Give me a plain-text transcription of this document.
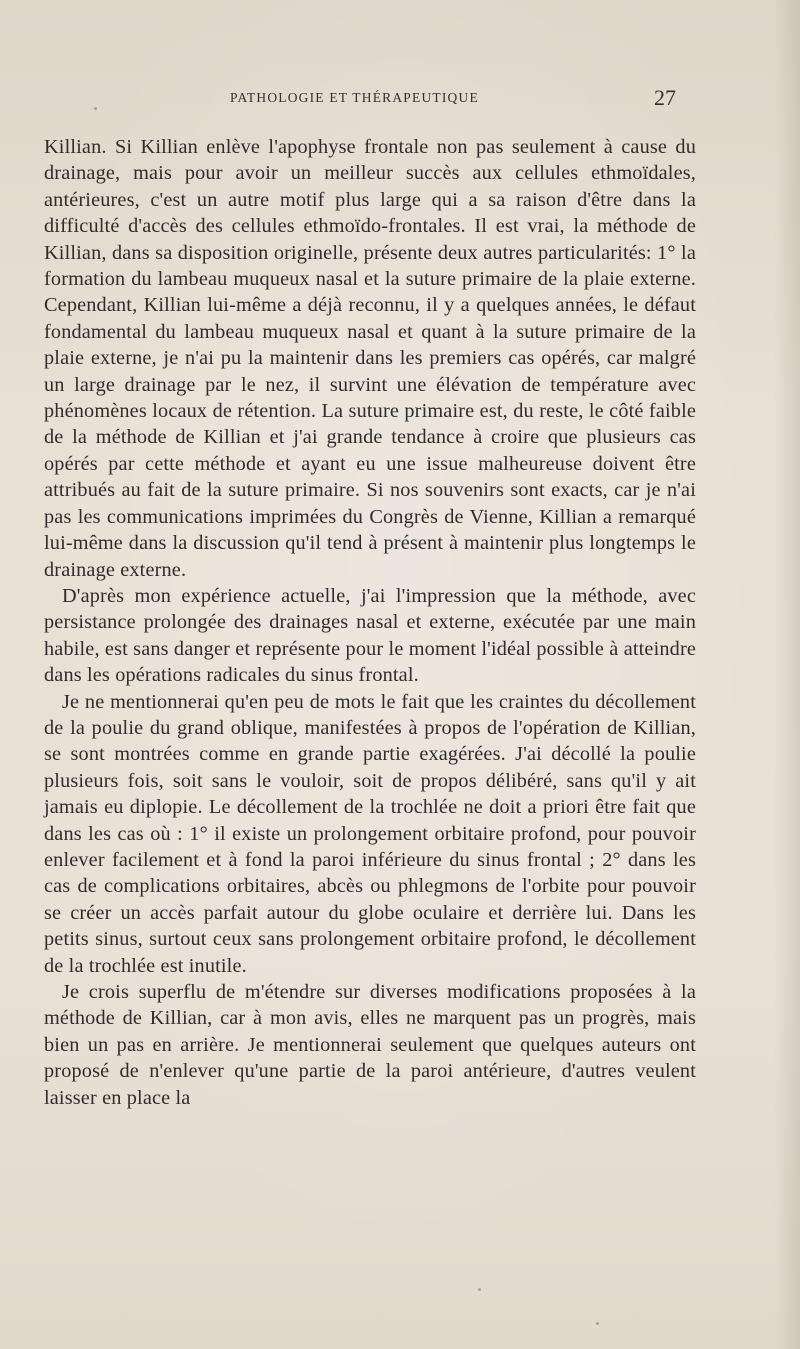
PATHOLOGIE ET THÉRAPEUTIQUE	27

Killian. Si Killian enlève l'apophyse frontale non pas seulement à cause du drainage, mais pour avoir un meilleur succès aux cellules ethmoïdales, antérieures, c'est un autre motif plus large qui a sa raison d'être dans la difficulté d'accès des cellules ethmoïdo-frontales. Il est vrai, la méthode de Killian, dans sa disposition originelle, présente deux autres particularités: 1° la formation du lambeau muqueux nasal et la suture primaire de la plaie externe. Cependant, Killian lui-même a déjà reconnu, il y a quelques années, le défaut fondamental du lambeau muqueux nasal et quant à la suture primaire de la plaie externe, je n'ai pu la maintenir dans les premiers cas opérés, car malgré un large drainage par le nez, il survint une élévation de température avec phénomènes locaux de rétention. La suture primaire est, du reste, le côté faible de la méthode de Killian et j'ai grande tendance à croire que plusieurs cas opérés par cette méthode et ayant eu une issue malheureuse doivent être attribués au fait de la suture primaire. Si nos souvenirs sont exacts, car je n'ai pas les communications imprimées du Congrès de Vienne, Killian a remarqué lui-même dans la discussion qu'il tend à présent à maintenir plus longtemps le drainage externe.

D'après mon expérience actuelle, j'ai l'impression que la méthode, avec persistance prolongée des drainages nasal et externe, exécutée par une main habile, est sans danger et représente pour le moment l'idéal possible à atteindre dans les opérations radicales du sinus frontal.

Je ne mentionnerai qu'en peu de mots le fait que les craintes du décollement de la poulie du grand oblique, manifestées à propos de l'opération de Killian, se sont montrées comme en grande partie exagérées. J'ai décollé la poulie plusieurs fois, soit sans le vouloir, soit de propos délibéré, sans qu'il y ait jamais eu diplopie. Le décollement de la trochlée ne doit a priori être fait que dans les cas où : 1° il existe un prolongement orbitaire profond, pour pouvoir enlever facilement et à fond la paroi inférieure du sinus frontal ; 2° dans les cas de complications orbitaires, abcès ou phlegmons de l'orbite pour pouvoir se créer un accès parfait autour du globe oculaire et derrière lui. Dans les petits sinus, surtout ceux sans prolongement orbitaire profond, le décollement de la trochlée est inutile.

Je crois superflu de m'étendre sur diverses modifications proposées à la méthode de Killian, car à mon avis, elles ne marquent pas un progrès, mais bien un pas en arrière. Je mentionnerai seulement que quelques auteurs ont proposé de n'enlever qu'une partie de la paroi antérieure, d'autres veulent laisser en place la
